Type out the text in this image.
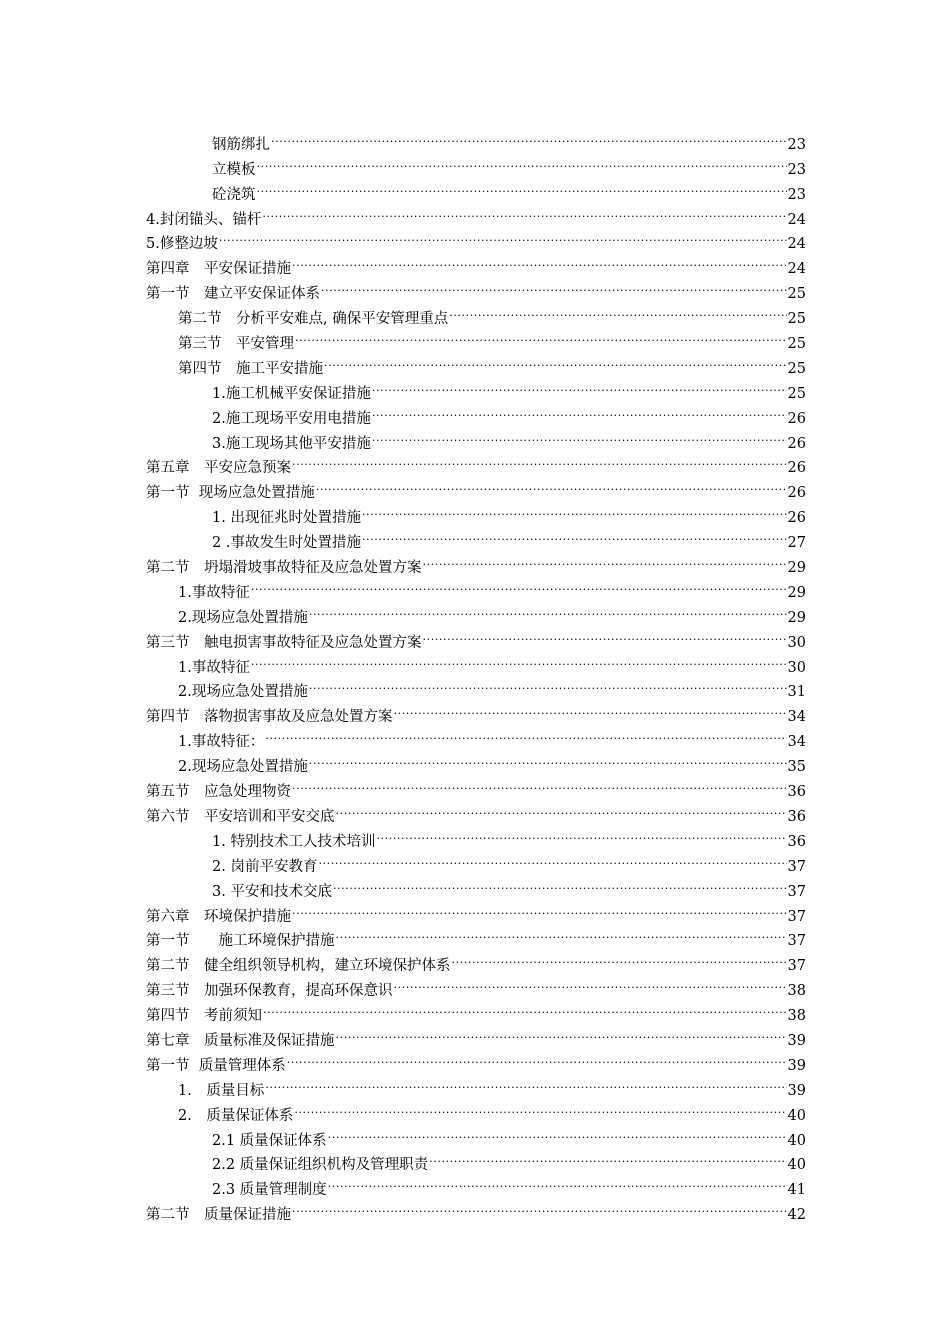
钢筋绑扎 .....	23
立模板 .....	23
砼浇筑 .....	23
4.封闭锚头、锚杆 .....	24
5.修整边坡 .....	24
第四章　平安保证措施 .....	24
第一节　建立平安保证体系 .....	25
第二节　分析平安难点, 确保平安管理重点 .....	25
第三节　平安管理 .....	25
第四节　施工平安措施 .....	25
1.施工机械平安保证措施 .....	25
2.施工现场平安用电措施 .....	26
3.施工现场其他平安措施 .....	26
第五章　平安应急预案 .....	26
第一节  现场应急处置措施 .....	26
1. 出现征兆时处置措施 .....	26
2 .事故发生时处置措施 .....	27
第二节　坍塌滑坡事故特征及应急处置方案 .....	29
1.事故特征 .....	29
2.现场应急处置措施 .....	29
第三节　触电损害事故特征及应急处置方案 .....	30
1.事故特征 .....	30
2.现场应急处置措施 .....	31
第四节　落物损害事故及应急处置方案 .....	34
1.事故特征： .....	34
2.现场应急处置措施 .....	35
第五节　应急处理物资 .....	36
第六节　平安培训和平安交底 .....	36
1. 特别技术工人技术培训 .....	36
2. 岗前平安教育 .....	37
3. 平安和技术交底 .....	37
第六章　环境保护措施 .....	37
第一节　　施工环境保护措施 .....	37
第二节　健全组织领导机构，建立环境保护体系 .....	37
第三节　加强环保教育，提高环保意识 .....	38
第四节　考前须知 .....	38
第七章　质量标准及保证措施 .....	39
第一节  质量管理体系 .....	39
1.　质量目标 .....	39
2.　质量保证体系 .....	40
2.1 质量保证体系 .....	40
2.2 质量保证组织机构及管理职责 .....	40
2.3 质量管理制度 .....	41
第二节　质量保证措施 .....	42
